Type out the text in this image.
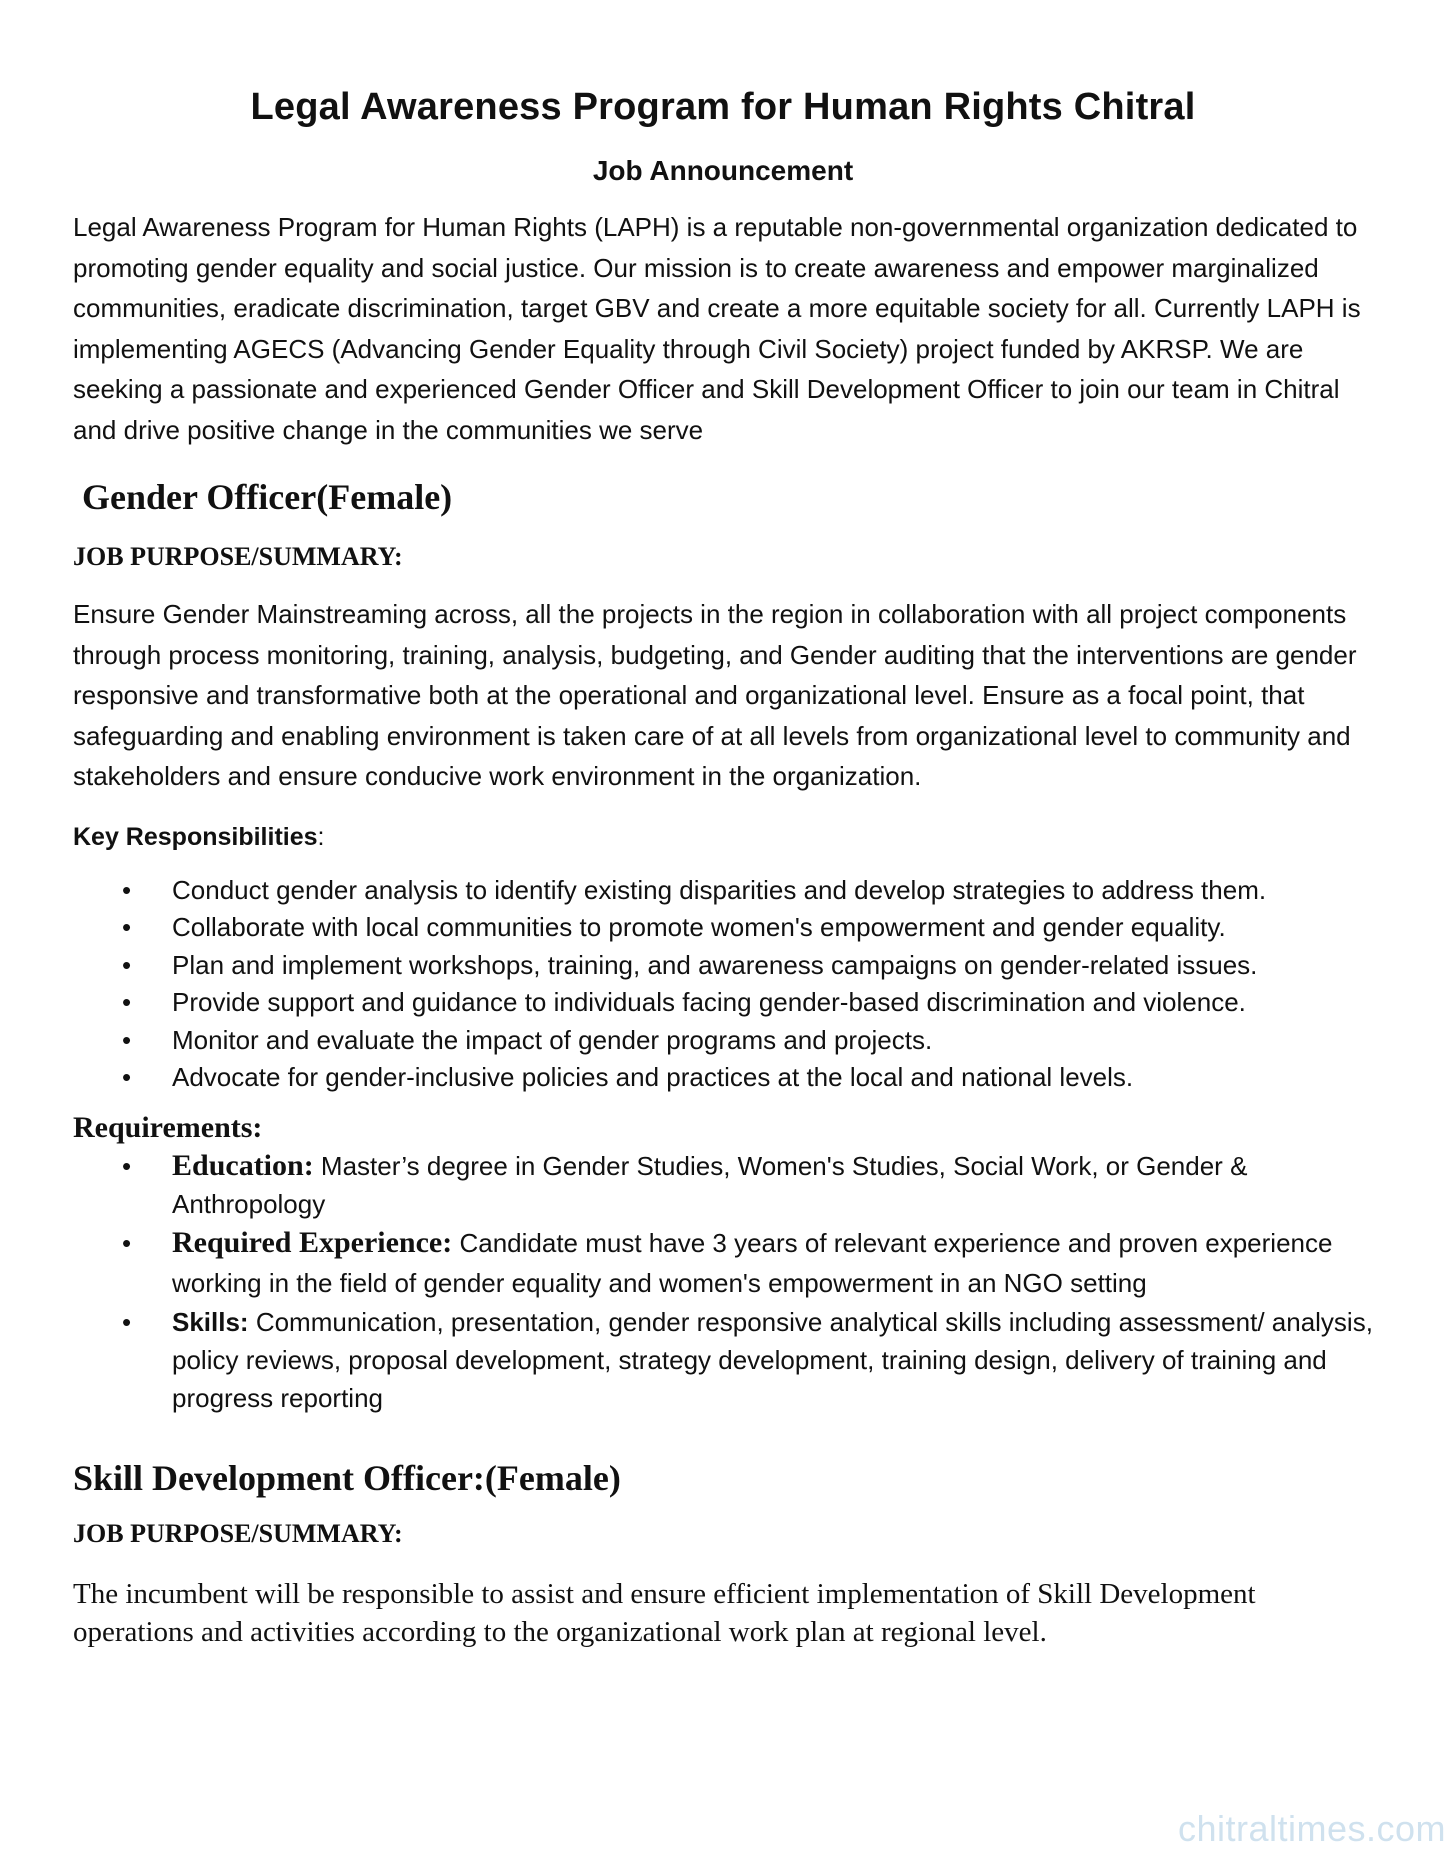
Legal Awareness Program for Human Rights Chitral
Job Announcement

Legal Awareness Program for Human Rights (LAPH) is a reputable non-governmental organization dedicated to promoting gender equality and social justice. Our mission is to create awareness and empower marginalized communities, eradicate discrimination, target GBV and create a more equitable society for all. Currently LAPH is implementing AGECS (Advancing Gender Equality through Civil Society) project funded by AKRSP. We are seeking a passionate and experienced Gender Officer and Skill Development Officer to join our team in Chitral and drive positive change in the communities we serve

Gender Officer(Female)
JOB PURPOSE/SUMMARY:

Ensure Gender Mainstreaming across, all the projects in the region in collaboration with all project components through process monitoring, training, analysis, budgeting, and Gender auditing that the interventions are gender responsive and transformative both at the operational and organizational level. Ensure as a focal point, that safeguarding and enabling environment is taken care of at all levels from organizational level to community and stakeholders and ensure conducive work environment in the organization.

Key Responsibilities:
• Conduct gender analysis to identify existing disparities and develop strategies to address them.
• Collaborate with local communities to promote women's empowerment and gender equality.
• Plan and implement workshops, training, and awareness campaigns on gender-related issues.
• Provide support and guidance to individuals facing gender-based discrimination and violence.
• Monitor and evaluate the impact of gender programs and projects.
• Advocate for gender-inclusive policies and practices at the local and national levels.
Requirements:
• Education: Master’s degree in Gender Studies, Women's Studies, Social Work, or Gender & Anthropology
• Required Experience: Candidate must have 3 years of relevant experience and proven experience working in the field of gender equality and women's empowerment in an NGO setting
• Skills: Communication, presentation, gender responsive analytical skills including assessment/ analysis, policy reviews, proposal development, strategy development, training design, delivery of training and progress reporting
Skill Development Officer:(Female)
JOB PURPOSE/SUMMARY:

The incumbent will be responsible to assist and ensure efficient implementation of Skill Development operations and activities according to the organizational work plan at regional level.

chitraltimes.com
